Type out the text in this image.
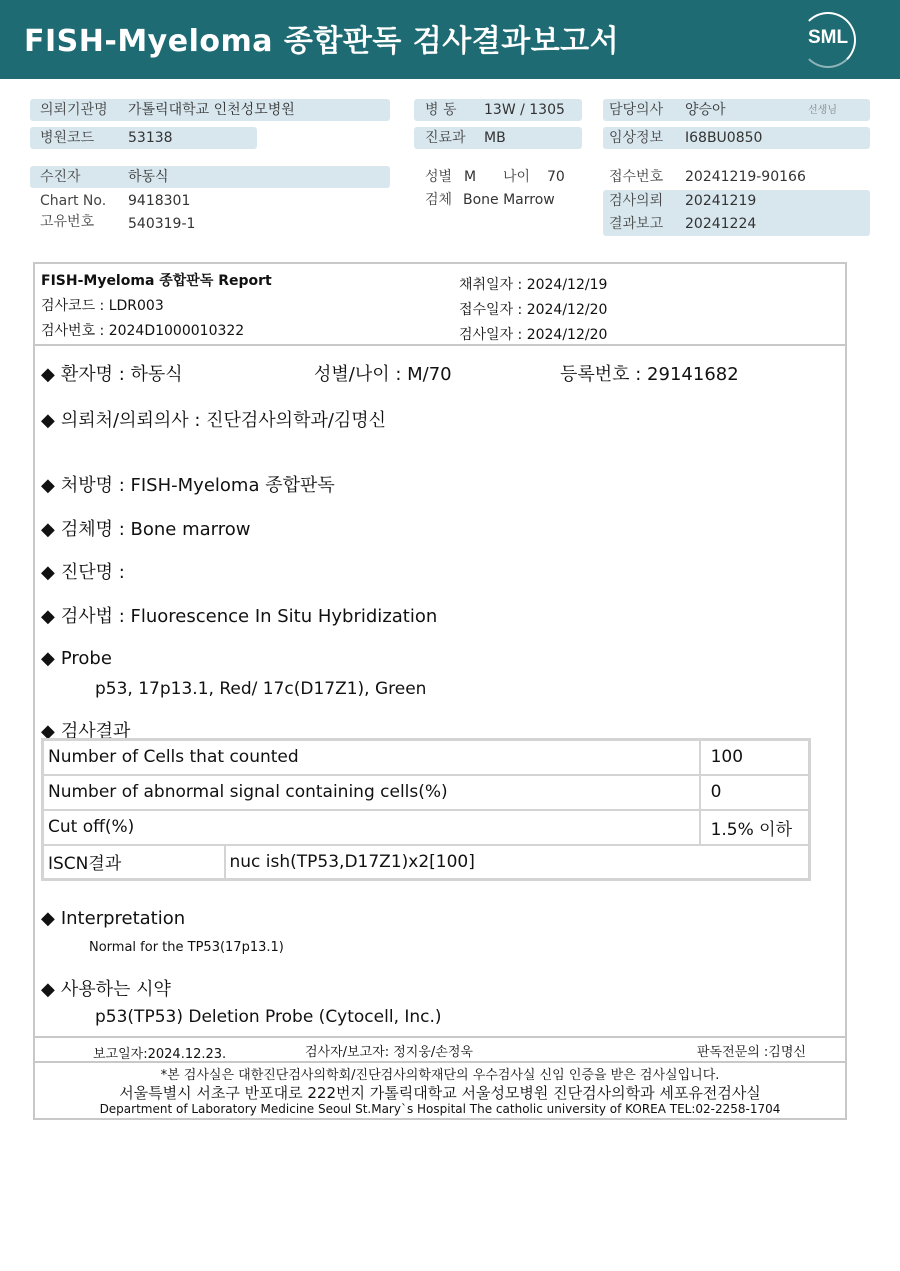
FISH-Myeloma 종합판독 검사결과보고서	SML
의뢰기관명 가톨릭대학교 인천성모병원
병원코드 53138
병 동 13W / 1305
진료과 MB
담당의사 양승아	선생님
임상정보 I68BU0850
수진자	하동식
Chart No. 9418301
고유번호 540319-1
성별 M 나이 70
검체 Bone Marrow
접수번호 20241219-90166
검사의뢰 20241219
결과보고 20241224
FISH-Myeloma 종합판독 Report
검사코드 : LDR003
검사번호 : 2024D1000010322
채취일자 : 2024/12/19
접수일자 : 2024/12/20
검사일자 : 2024/12/20
◆ 환자명 : 하동식	성별/나이 : M/70	등록번호 : 29141682
◆ 의뢰처/의뢰의사 : 진단검사의학과/김명신
◆ 처방명 : FISH-Myeloma 종합판독
◆ 검체명 : Bone marrow
◆ 진단명 :
◆ 검사법 : Fluorescence In Situ Hybridization
◆ Probe
p53, 17p13.1, Red/ 17c(D17Z1), Green
◆ 검사결과
Number of Cells that counted		100
Number of abnormal signal containing cells(%)		0
Cut off(%)		1.5% 이하
ISCN결과	nuc ish(TP53,D17Z1)x2[100]	
◆ Interpretation
Normal for the TP53(17p13.1)
◆ 사용하는 시약
p53(TP53) Deletion Probe (Cytocell, Inc.)
보고일자:2024.12.23.	검사자/보고자: 정지웅/손정욱	판독전문의 :김명신
*본 검사실은 대한진단검사의학회/진단검사의학재단의 우수검사실 신임 인증을 받은 검사실입니다.
서울특별시 서초구 반포대로 222번지 가톨릭대학교 서울성모병원 진단검사의학과 세포유전검사실
Department of Laboratory Medicine Seoul St.Mary`s Hospital The catholic university of KOREA TEL:02-2258-1704
